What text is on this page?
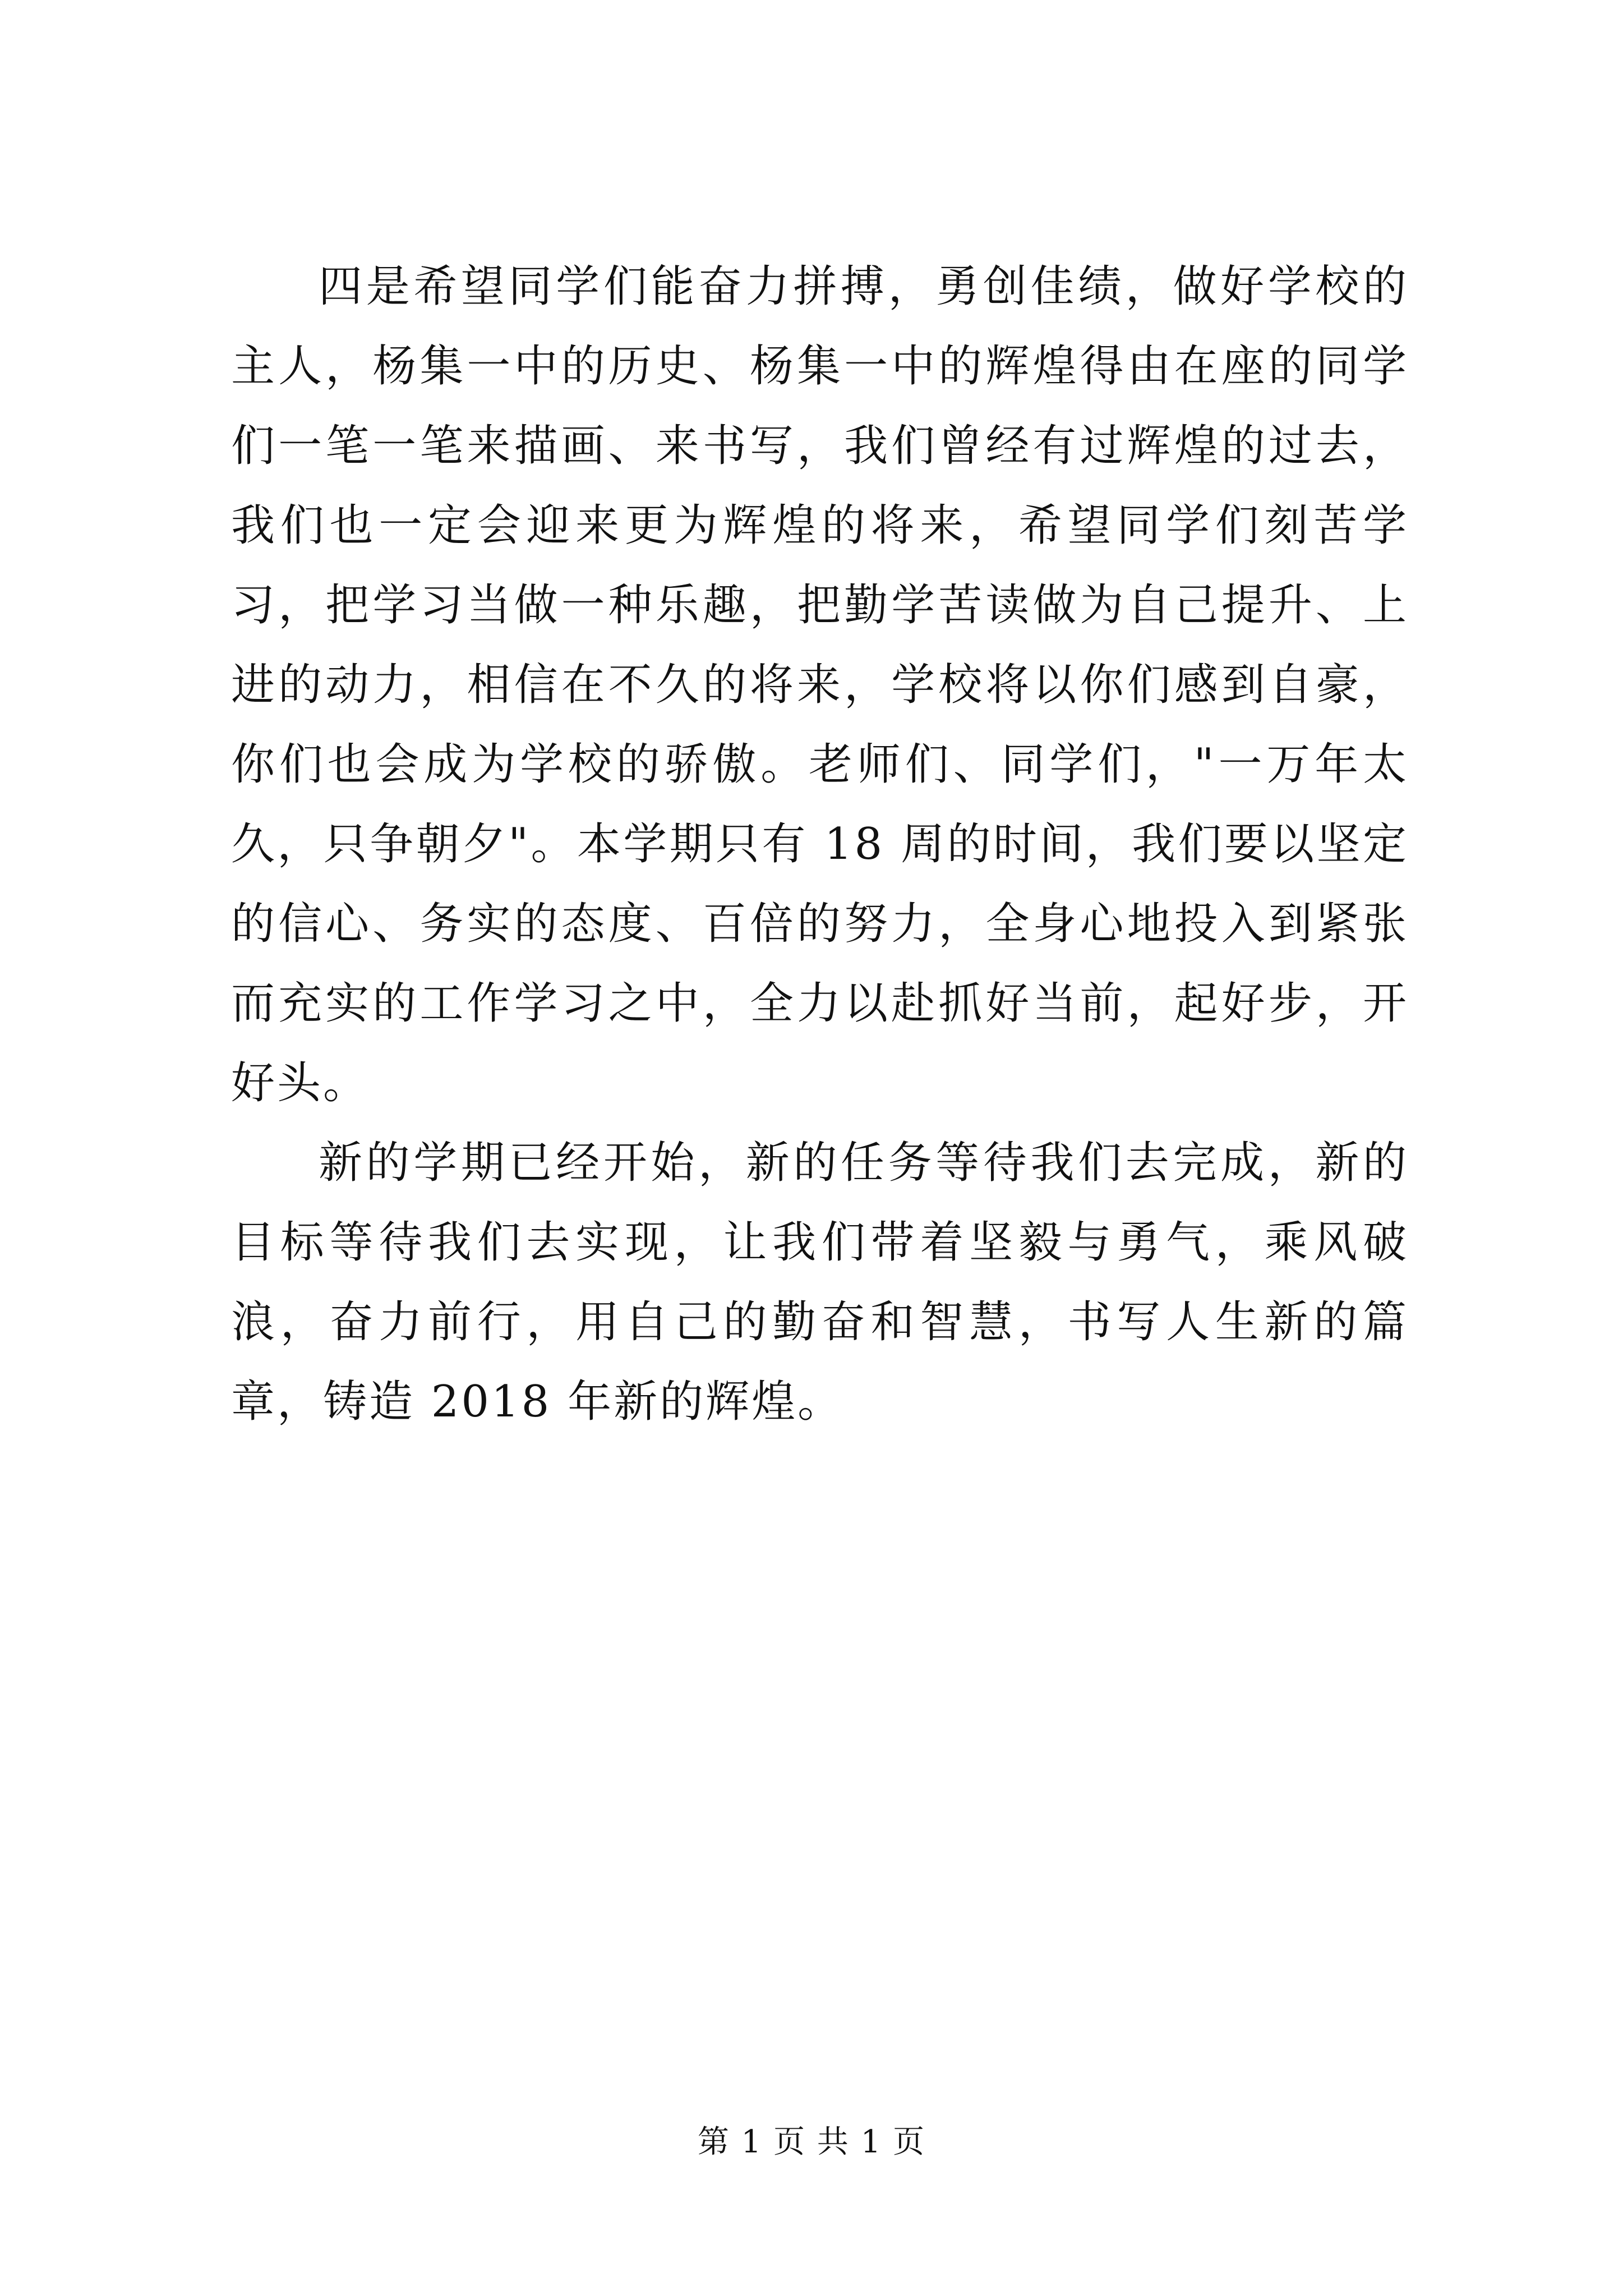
四是希望同学们能奋力拼搏，勇创佳绩，做好学校的主人，杨集一中的历史、杨集一中的辉煌得由在座的同学们一笔一笔来描画、来书写，我们曾经有过辉煌的过去，我们也一定会迎来更为辉煌的将来，希望同学们刻苦学习，把学习当做一种乐趣，把勤学苦读做为自己提升、上进的动力，相信在不久的将来，学校将以你们感到自豪，你们也会成为学校的骄傲。老师们、同学们，"一万年太久，只争朝夕"。本学期只有 18 周的时间，我们要以坚定的信心、务实的态度、百倍的努力，全身心地投入到紧张而充实的工作学习之中，全力以赴抓好当前，起好步，开好头。

新的学期已经开始，新的任务等待我们去完成，新的目标等待我们去实现，让我们带着坚毅与勇气，乘风破浪，奋力前行，用自己的勤奋和智慧，书写人生新的篇章，铸造 2018 年新的辉煌。

第 1 页 共 1 页
